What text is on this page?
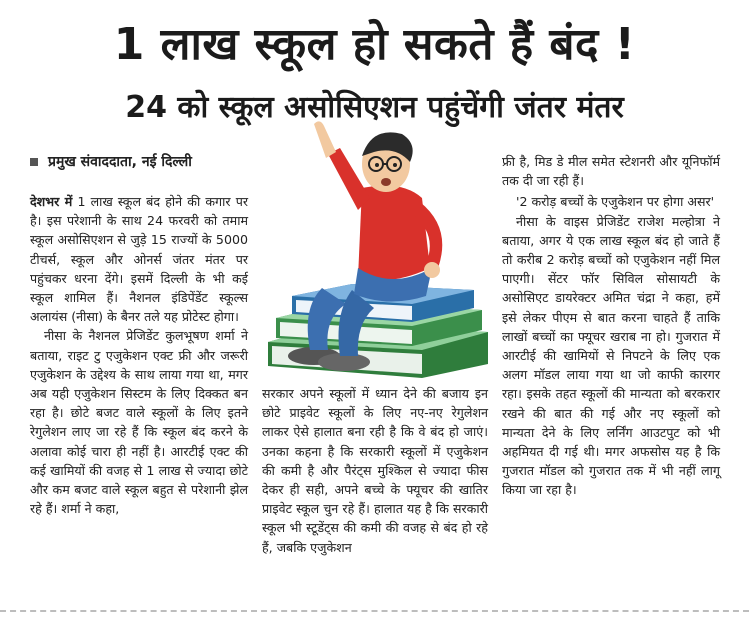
1 लाख स्कूल हो सकते हैं बंद !
24 को स्कूल असोसिएशन पहुंचेंगी जंतर मंतर
प्रमुख संवाददाता, नई दिल्ली

देशभर में 1 लाख स्कूल बंद होने की कगार पर है। इस परेशानी के साथ 24 फरवरी को तमाम स्कूल असोसिएशन से जुड़े 15 राज्यों के 5000 टीचर्स, स्कूल और ओनर्स जंतर मंतर पर पहुंचकर धरना देंगे। इसमें दिल्ली के भी कई स्कूल शामिल हैं। नैशनल इंडिपेंडेंट स्कूल्स अलायंस (नीसा) के बैनर तले यह प्रोटेस्ट होगा।

नीसा के नैशनल प्रेजिडेंट कुलभूषण शर्मा ने बताया, राइट टु एजुकेशन एक्ट फ्री और जरूरी एजुकेशन के उद्देश्य के साथ लाया गया था, मगर अब यही एजुकेशन सिस्टम के लिए दिक्कत बन रहा है। छोटे बजट वाले स्कूलों के लिए इतने रेगुलेशन लाए जा रहे हैं कि स्कूल बंद करने के अलावा कोई चारा ही नहीं है। आरटीई एक्ट की कई खामियों की वजह से 1 लाख से ज्यादा छोटे और कम बजट वाले स्कूल बहुत से परेशानी झेल रहे हैं। शर्मा ने कहा,

सरकार अपने स्कूलों में ध्यान देने की बजाय इन छोटे प्राइवेट स्कूलों के लिए नए-नए रेगुलेशन लाकर ऐसे हालात बना रही है कि वे बंद हो जाएं। उनका कहना है कि सरकारी स्कूलों में एजुकेशन की कमी है और पैरंट्स मुश्किल से ज्यादा फीस देकर ही सही, अपने बच्चे के फ्यूचर की खातिर प्राइवेट स्कूल चुन रहे हैं। हालात यह है कि सरकारी स्कूल भी स्टूडेंट्स की कमी की वजह से बंद हो रहे हैं, जबकि एजुकेशन

फ्री है, मिड डे मील समेत स्टेशनरी और यूनिफॉर्म तक दी जा रही हैं।

'2 करोड़ बच्चों के एजुकेशन पर होगा असर'

नीसा के वाइस प्रेजिडेंट राजेश मल्होत्रा ने बताया, अगर ये एक लाख स्कूल बंद हो जाते हैं तो करीब 2 करोड़ बच्चों को एजुकेशन नहीं मिल पाएगी। सेंटर फॉर सिविल सोसायटी के असोसिएट डायरेक्टर अमित चंद्रा ने कहा, हमें इसे लेकर पीएम से बात करना चाहते हैं ताकि लाखों बच्चों का फ्यूचर खराब ना हो। गुजरात में आरटीई की खामियों से निपटने के लिए एक अलग मॉडल लाया गया था जो काफी कारगर रहा। इसके तहत स्कूलों की मान्यता को बरकरार रखने की बात की गई और नए स्कूलों को मान्यता देने के लिए लर्निंग आउटपुट को भी अहमियत दी गई थी। मगर अफसोस यह है कि गुजरात मॉडल को गुजरात तक में भी नहीं लागू किया जा रहा है।
